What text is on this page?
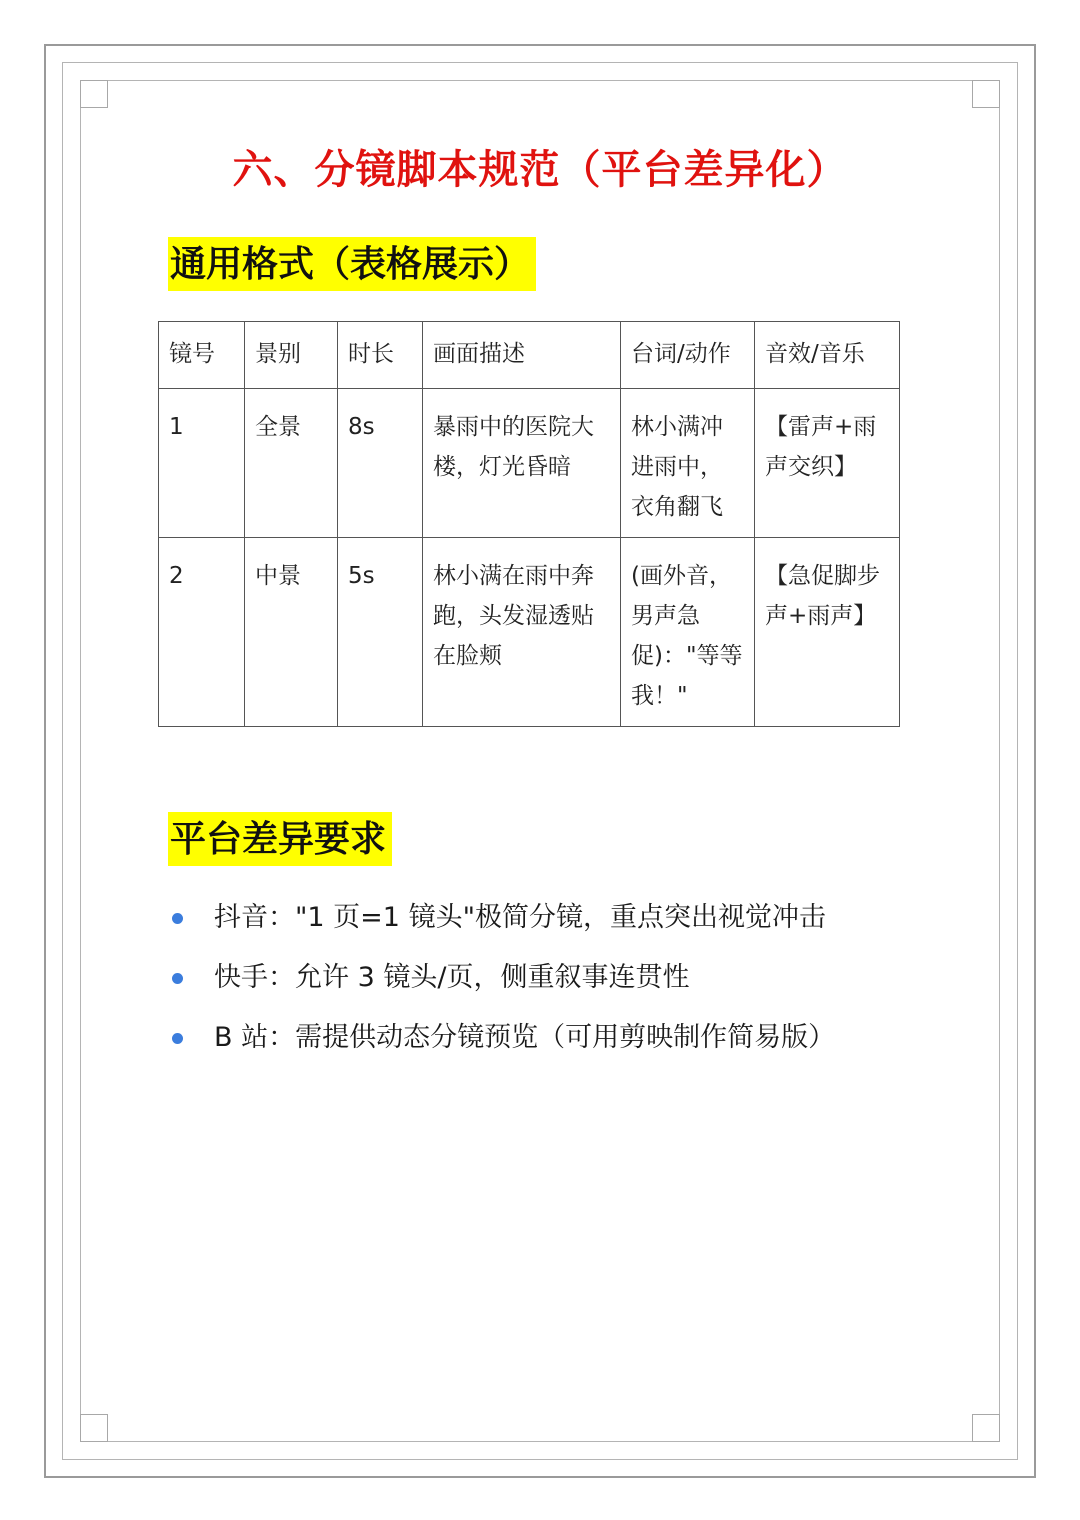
六、分镜脚本规范（平台差异化）
通用格式（表格展示）
镜号	景别	时长	画面描述	台词/动作	音效/音乐
1	全景	8s	暴雨中的医院大楼，灯光昏暗	林小满冲进雨中，衣角翻飞	【雷声+雨声交织】
2	中景	5s	林小满在雨中奔跑，头发湿透贴在脸颊	(画外音，男声急促)："等等我！"	【急促脚步声+雨声】
平台差异要求
抖音："1 页=1 镜头"极简分镜，重点突出视觉冲击
快手：允许 3 镜头/页，侧重叙事连贯性
B 站：需提供动态分镜预览（可用剪映制作简易版）
